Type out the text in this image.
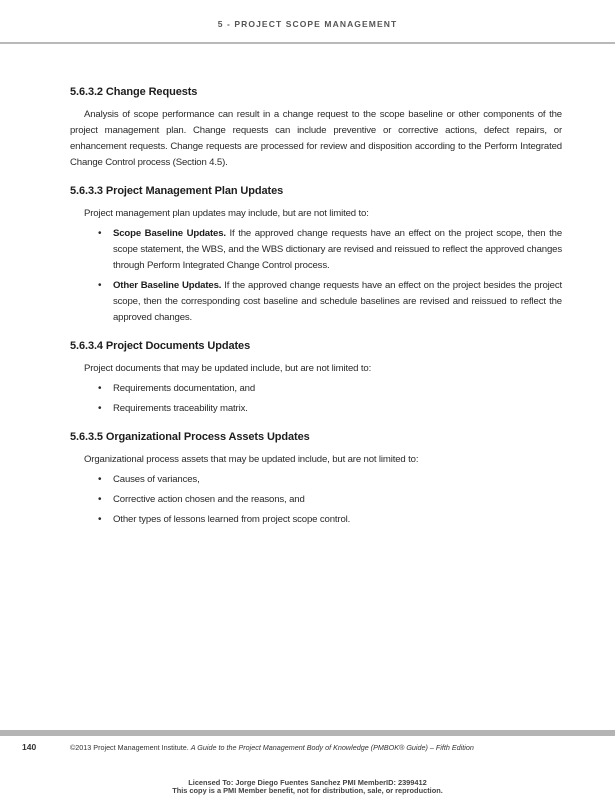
5 - PROJECT SCOPE MANAGEMENT
5.6.3.2 Change Requests

Analysis of scope performance can result in a change request to the scope baseline or other components of the project management plan. Change requests can include preventive or corrective actions, defect repairs, or enhancement requests. Change requests are processed for review and disposition according to the Perform Integrated Change Control process (Section 4.5).

5.6.3.3 Project Management Plan Updates

Project management plan updates may include, but are not limited to:

• Scope Baseline Updates. If the approved change requests have an effect on the project scope, then the scope statement, the WBS, and the WBS dictionary are revised and reissued to reflect the approved changes through Perform Integrated Change Control process.
• Other Baseline Updates. If the approved change requests have an effect on the project besides the project scope, then the corresponding cost baseline and schedule baselines are revised and reissued to reflect the approved changes.
5.6.3.4 Project Documents Updates

Project documents that may be updated include, but are not limited to:

• Requirements documentation, and
• Requirements traceability matrix.
5.6.3.5 Organizational Process Assets Updates

Organizational process assets that may be updated include, but are not limited to:

• Causes of variances,
• Corrective action chosen and the reasons, and
• Other types of lessons learned from project scope control.
140	©2013 Project Management Institute. A Guide to the Project Management Body of Knowledge (PMBOK® Guide) – Fifth Edition
Licensed To: Jorge Diego Fuentes Sanchez PMI MemberID: 2399412
This copy is a PMI Member benefit, not for distribution, sale, or reproduction.
